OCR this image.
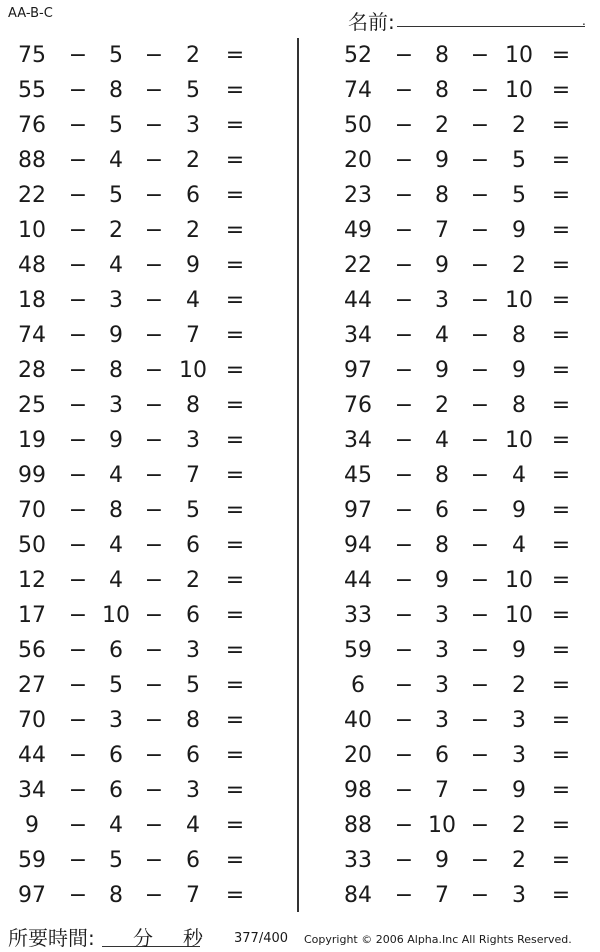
AA-B-C	名前:	.
75 − 5 −	2	=
55 − 8 −	5	=
76 − 5 −	3	=
88 − 4 −	2	=
22 − 5 −	6	=
10 − 2 −	2	=
48 − 4 −	9	=
18 − 3 −	4	=
74 − 9 −	7	=
28 − 8 − 10 =
25 − 3 −	8	=
19 − 9 −	3	=
99 − 4 −	7	=
70 − 8 −	5	=
50 − 4 −	6	=
12 − 4 −	2	=
17 − 10 −	6	=
56 − 6 −	3	=
27 − 5 −	5	=
70 − 3 −	8	=
44 − 6 −	6	=
34 − 6 −	3	=
9	− 4 −	4	=
59 − 5 −	6	=
97 − 8 −	7	=
52 − 8 − 10 =
74 − 8 − 10 =
50 − 2 −	2	=
20 − 9 −	5	=
23 − 8 −	5	=
49 − 7 −	9	=
22 − 9 −	2	=
44 − 3 − 10 =
34 − 4 −	8	=
97 − 9 −	9	=
76 − 2 −	8	=
34 − 4 − 10 =
45 − 8 −	4	=
97 − 6 −	9	=
94 − 8 −	4	=
44 − 9 − 10 =
33 − 3 − 10 =
59 − 3 −	9	=
6	− 3 −	2	=
40 − 3 −	3	=
20 − 6 −	3	=
98 − 7 −	9	=
88 − 10 −	2	=
33 − 9 −	2	=
84 − 7 −	3	=
所要時間: 分 秒 377/400 Copyright © 2006 Alpha.Inc All Rights Reserved.
